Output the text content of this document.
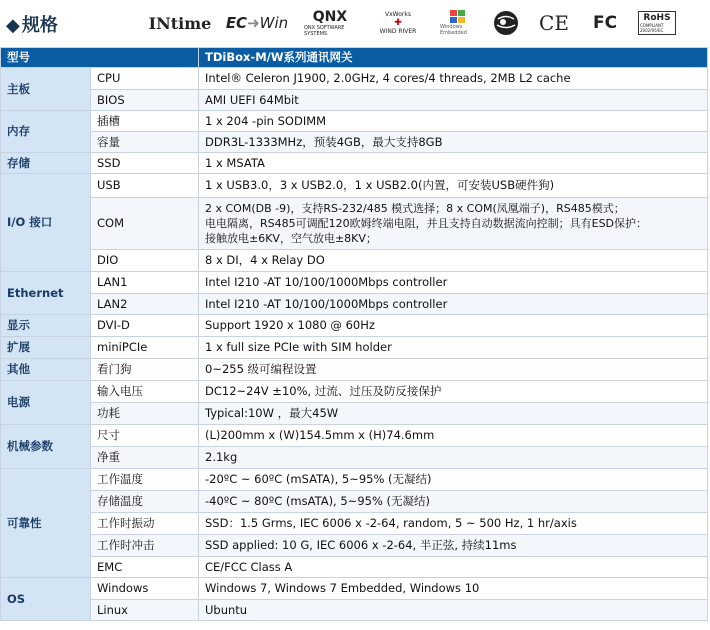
◆ 规格	INtime EC ➜ Win QNX
QNX SOFTWARE SYSTEMS
VxWorks
✚
WIND RIVER
Windows Embedded	CE FC	RoHS
COMPLIANT 2002/95/EC
型号		TDiBox-M/W系列通讯网关
主板	CPU	Intel® Celeron J1900, 2.0GHz, 4 cores/4 threads, 2MB L2 cache
	BIOS	AMI UEFI 64Mbit
内存	插槽	1 x 204 -pin SODIMM
	容量	DDR3L-1333MHz，预装4GB，最大支持8GB
存储	SSD	1 x MSATA
I/O 接口	USB	1 x USB3.0，3 x USB2.0，1 x USB2.0(内置，可安装USB硬件狗)
	COM	2 x COM(DB -9)，支持RS-232/485 模式选择；8 x COM(凤凰端子)，RS485模式；
电电隔离，RS485可调配120欧姆终端电阻，并且支持自动数据流向控制；具有ESD保护：
接触放电±6KV，空气放电±8KV；

	DIO	8 x DI，4 x Relay DO
Ethernet	LAN1	Intel I210 -AT 10/100/1000Mbps controller
	LAN2	Intel I210 -AT 10/100/1000Mbps controller
显示	DVI-D	Support 1920 x 1080 @ 60Hz
扩展	miniPCIe	1 x full size PCIe with SIM holder
其他	看门狗	0~255 级可编程设置
电源	输入电压	DC12~24V ±10%, 过流、过压及防反接保护
	功耗	Typical:10W ，最大45W
机械参数	尺寸	(L)200mm x (W)154.5mm x (H)74.6mm
	净重	2.1kg
可靠性	工作温度	-20ºC ~ 60ºC (mSATA), 5~95% (无凝结)
	存储温度	-40ºC ~ 80ºC (msATA), 5~95% (无凝结)
	工作时振动	SSD：1.5 Grms, IEC 6006 x -2-64, random, 5 ~ 500 Hz, 1 hr/axis
	工作时冲击	SSD applied: 10 G, IEC 6006 x -2-64, 半正弦, 持续11ms
	EMC	CE/FCC Class A
OS	Windows	Windows 7, Windows 7 Embedded, Windows 10
	Linux	Ubuntu
